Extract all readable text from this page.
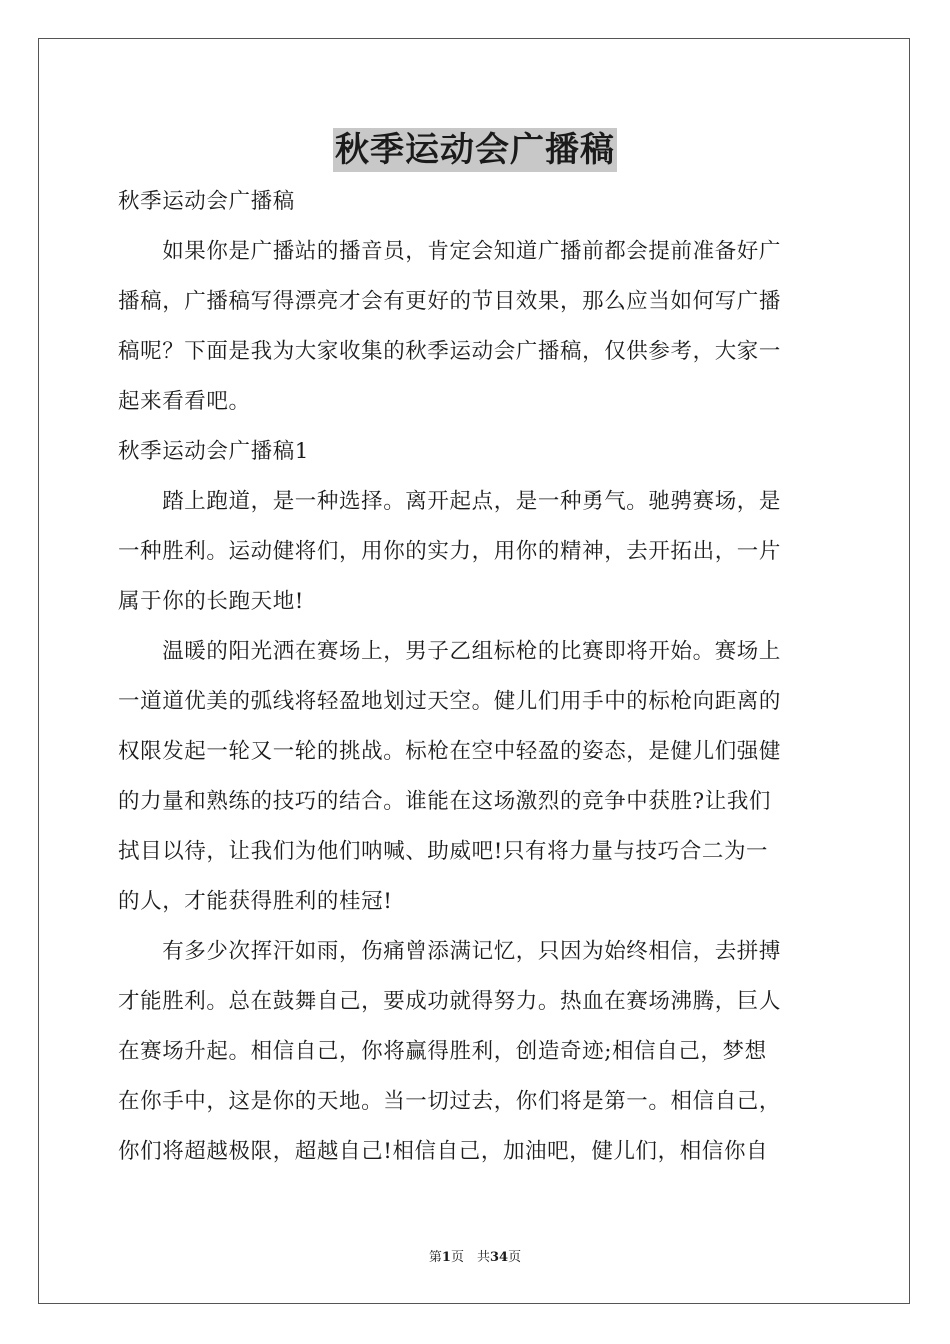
秋季运动会广播稿
秋季运动会广播稿
　　如果你是广播站的播音员，肯定会知道广播前都会提前准备好广
播稿，广播稿写得漂亮才会有更好的节目效果，那么应当如何写广播
稿呢？下面是我为大家收集的秋季运动会广播稿，仅供参考，大家一
起来看看吧。
秋季运动会广播稿1
　　踏上跑道，是一种选择。离开起点，是一种勇气。驰骋赛场，是
一种胜利。运动健将们，用你的实力，用你的精神，去开拓出，一片
属于你的长跑天地!
　　温暖的阳光洒在赛场上，男子乙组标枪的比赛即将开始。赛场上
一道道优美的弧线将轻盈地划过天空。健儿们用手中的标枪向距离的
权限发起一轮又一轮的挑战。标枪在空中轻盈的姿态，是健儿们强健
的力量和熟练的技巧的结合。谁能在这场激烈的竞争中获胜?让我们
拭目以待，让我们为他们呐喊、助威吧!只有将力量与技巧合二为一
的人，才能获得胜利的桂冠!
　　有多少次挥汗如雨，伤痛曾添满记忆，只因为始终相信，去拼搏
才能胜利。总在鼓舞自己，要成功就得努力。热血在赛场沸腾，巨人
在赛场升起。相信自己，你将赢得胜利，创造奇迹;相信自己，梦想
在你手中，这是你的天地。当一切过去，你们将是第一。相信自己，
你们将超越极限，超越自己!相信自己，加油吧，健儿们，相信你自
第1页　共34页
